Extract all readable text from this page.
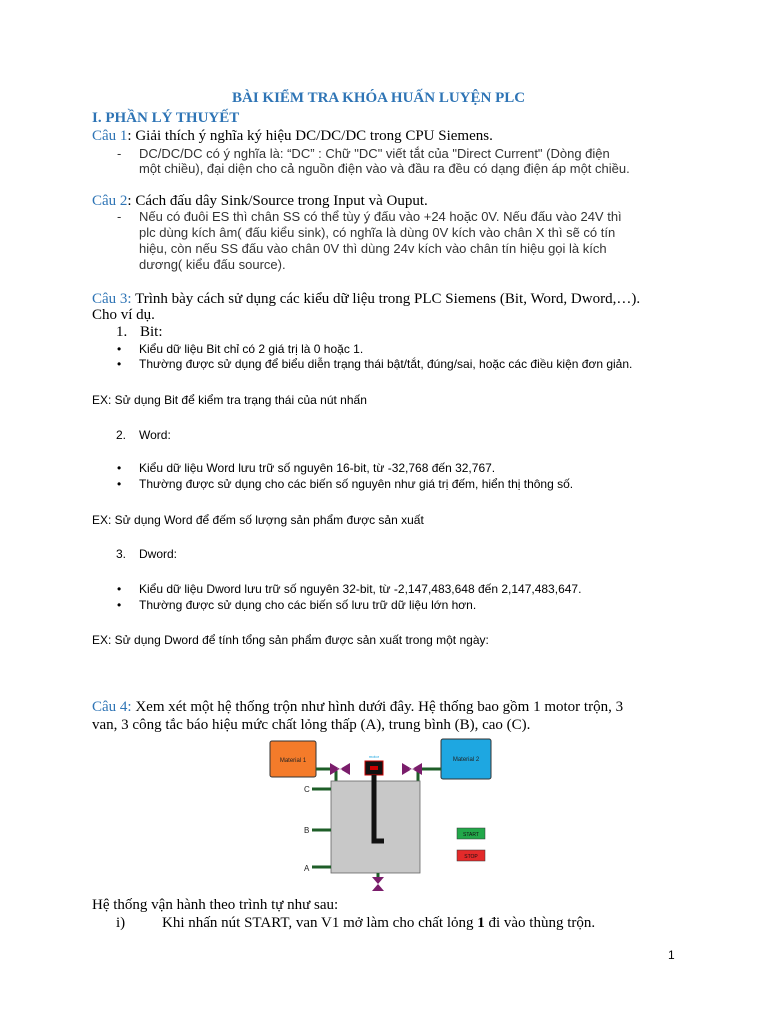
BÀI KIỂM TRA KHÓA HUẤN LUYỆN PLC
I. PHẦN LÝ THUYẾT
Câu 1: Giải thích ý nghĩa ký hiệu DC/DC/DC trong CPU Siemens.
- DC/DC/DC có ý nghĩa là: “DC” : Chữ "DC" viết tắt của "Direct Current" (Dòng điện
một chiều), đại diện cho cả nguồn điện vào và đầu ra đều có dạng điện áp một chiều.
Câu 2: Cách đấu dây Sink/Source trong Input và Ouput.
- Nếu có đuôi ES thì chân SS có thể tùy ý đấu vào +24 hoặc 0V. Nếu đấu vào 24V thì
plc dùng kích âm( đấu kiểu sink), có nghĩa là dùng 0V kích vào chân X thì sẽ có tín
hiệu, còn nếu SS đấu vào chân 0V thì dùng 24v kích vào chân tín hiệu gọi là kích
dương( kiểu đấu source).
Câu 3: Trình bày cách sử dụng các kiểu dữ liệu trong PLC Siemens (Bit, Word, Dword,…).
Cho ví dụ.
1. Bit:
• Kiểu dữ liệu Bit chỉ có 2 giá trị là 0 hoặc 1.
• Thường được sử dụng để biểu diễn trạng thái bật/tắt, đúng/sai, hoặc các điều kiện đơn giản.
EX: Sử dụng Bit để kiểm tra trạng thái của nút nhấn
2. Word:
• Kiểu dữ liệu Word lưu trữ số nguyên 16-bit, từ -32,768 đến 32,767.
• Thường được sử dụng cho các biến số nguyên như giá trị đếm, hiển thị thông số.
EX: Sử dụng Word để đếm số lượng sản phẩm được sản xuất
3. Dword:
• Kiểu dữ liệu Dword lưu trữ số nguyên 32-bit, từ -2,147,483,648 đến 2,147,483,647.
• Thường được sử dụng cho các biến số lưu trữ dữ liệu lớn hơn.
EX: Sử dụng Dword để tính tổng sản phẩm được sản xuất trong một ngày:
Câu 4: Xem xét một hệ thống trộn như hình dưới đây. Hệ thống bao gồm 1 motor trộn, 3
van, 3 công tắc báo hiệu mức chất lỏng thấp (A), trung bình (B), cao (C).
Material 1	Material 2
V1	V2
motor
C
B
A
START
STOP
Hệ thống vận hành theo trình tự như sau:
i) Khi nhấn nút START, van V1 mở làm cho chất lỏng 1 đi vào thùng trộn.
1
